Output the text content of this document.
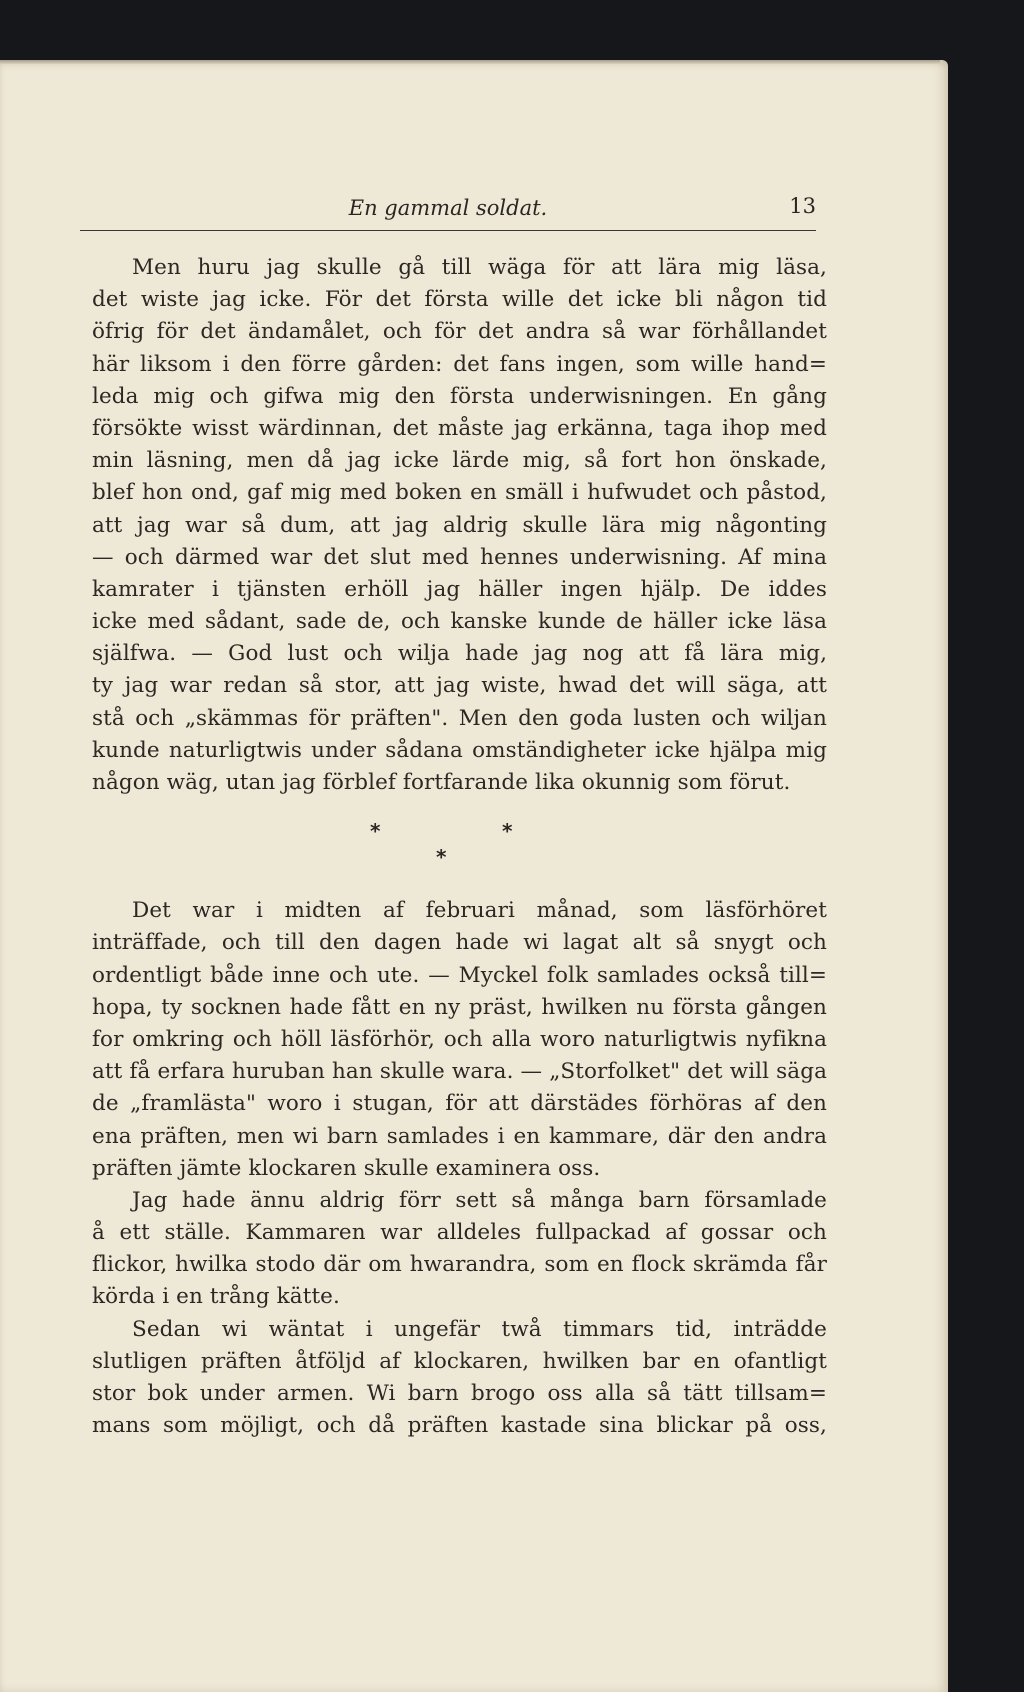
En gammal soldat.	13
Men huru jag skulle gå till wäga för att lära mig läsa,
det wiste jag icke. För det första wille det icke bli någon tid
öfrig för det ändamålet, och för det andra så war förhållandet
här liksom i den förre gården: det fans ingen, som wille hand=
leda mig och gifwa mig den första underwisningen. En gång
försökte wisst wärdinnan, det måste jag erkänna, taga ihop med
min läsning, men då jag icke lärde mig, så fort hon önskade,
blef hon ond, gaf mig med boken en smäll i hufwudet och påstod,
att jag war så dum, att jag aldrig skulle lära mig någonting
— och därmed war det slut med hennes underwisning. Af mina
kamrater i tjänsten erhöll jag häller ingen hjälp. De iddes
icke med sådant, sade de, och kanske kunde de häller icke läsa
själfwa. — God lust och wilja hade jag nog att få lära mig,
ty jag war redan så stor, att jag wiste, hwad det will säga, att
stå och „skämmas för präften". Men den goda lusten och wiljan
kunde naturligtwis under sådana omständigheter icke hjälpa mig
någon wäg, utan jag förblef fortfarande lika okunnig som förut.
*	*
*
Det war i midten af februari månad, som läsförhöret
inträffade, och till den dagen hade wi lagat alt så snygt och
ordentligt både inne och ute. — Myckel folk samlades också till=
hopa, ty socknen hade fått en ny präst, hwilken nu första gången
for omkring och höll läsförhör, och alla woro naturligtwis nyfikna
att få erfara huruban han skulle wara. — „Storfolket" det will säga
de „framlästa" woro i stugan, för att därstädes förhöras af den
ena präften, men wi barn samlades i en kammare, där den andra
präften jämte klockaren skulle examinera oss.
Jag hade ännu aldrig förr sett så många barn församlade
å ett ställe. Kammaren war alldeles fullpackad af gossar och
flickor, hwilka stodo där om hwarandra, som en flock skrämda får
körda i en trång kätte.
Sedan wi wäntat i ungefär twå timmars tid, inträdde
slutligen präften åtföljd af klockaren, hwilken bar en ofantligt
stor bok under armen. Wi barn brogo oss alla så tätt tillsam=
mans som möjligt, och då präften kastade sina blickar på oss,
